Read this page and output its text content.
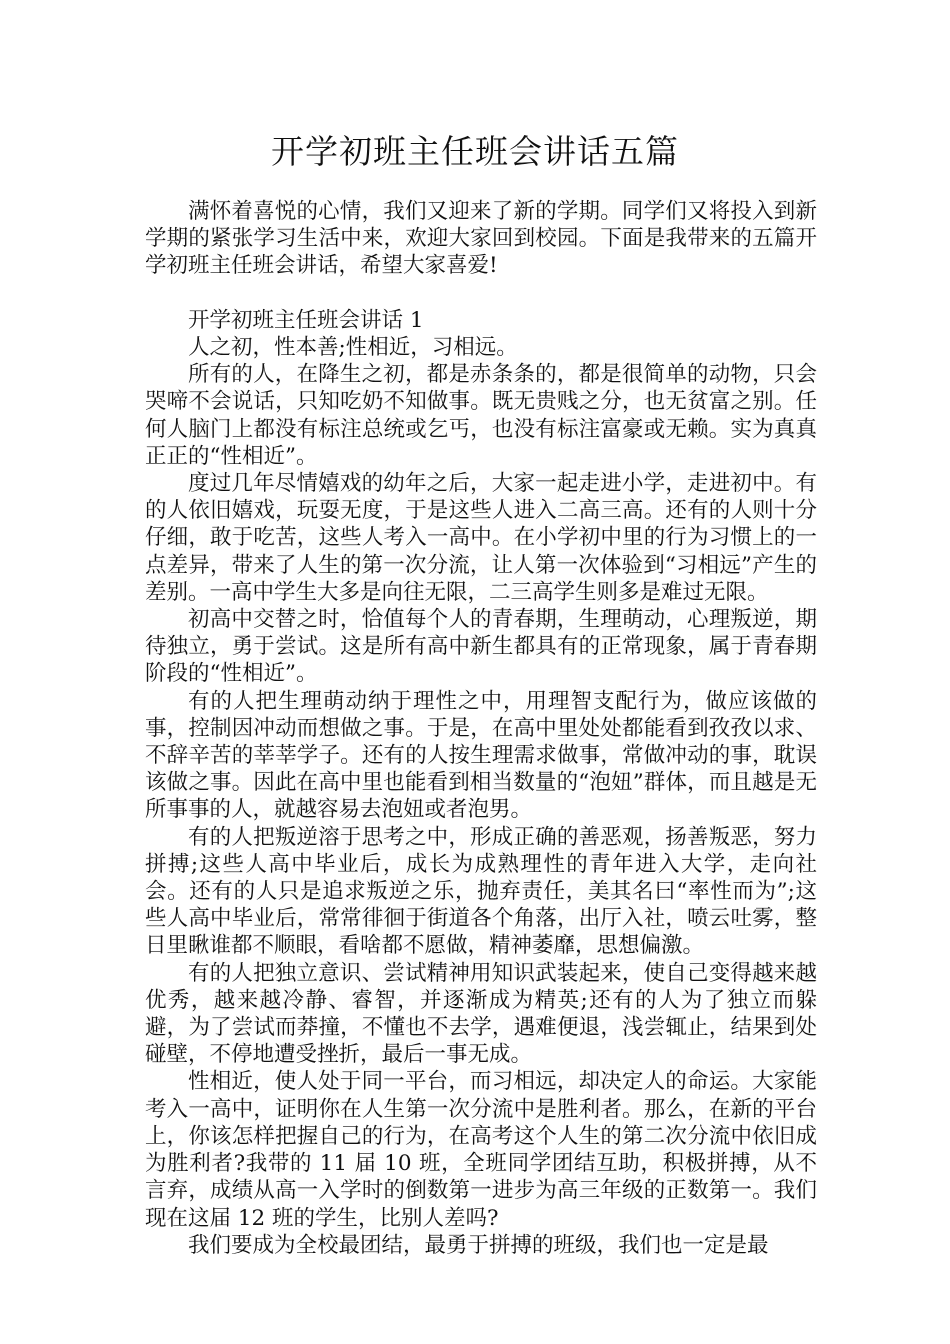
开学初班主任班会讲话五篇

满怀着喜悦的心情，我们又迎来了新的学期。同学们又将投入到新学期的紧张学习生活中来，欢迎大家回到校园。下面是我带来的五篇开学初班主任班会讲话，希望大家喜爱!

开学初班主任班会讲话 1

人之初，性本善;性相近，习相远。

所有的人，在降生之初，都是赤条条的，都是很简单的动物，只会哭啼不会说话，只知吃奶不知做事。既无贵贱之分，也无贫富之别。任何人脑门上都没有标注总统或乞丐，也没有标注富豪或无赖。实为真真正正的“性相近”。

度过几年尽情嬉戏的幼年之后，大家一起走进小学，走进初中。有的人依旧嬉戏，玩耍无度，于是这些人进入二高三高。还有的人则十分仔细，敢于吃苦，这些人考入一高中。在小学初中里的行为习惯上的一点差异，带来了人生的第一次分流，让人第一次体验到“习相远”产生的差别。一高中学生大多是向往无限，二三高学生则多是难过无限。

初高中交替之时，恰值每个人的青春期，生理萌动，心理叛逆，期待独立，勇于尝试。这是所有高中新生都具有的正常现象，属于青春期阶段的“性相近”。

有的人把生理萌动纳于理性之中，用理智支配行为，做应该做的事，控制因冲动而想做之事。于是，在高中里处处都能看到孜孜以求、不辞辛苦的莘莘学子。还有的人按生理需求做事，常做冲动的事，耽误该做之事。因此在高中里也能看到相当数量的“泡妞”群体，而且越是无所事事的人，就越容易去泡妞或者泡男。

有的人把叛逆溶于思考之中，形成正确的善恶观，扬善叛恶，努力拼搏;这些人高中毕业后，成长为成熟理性的青年进入大学，走向社会。还有的人只是追求叛逆之乐，抛弃责任，美其名曰“率性而为”;这些人高中毕业后，常常徘徊于街道各个角落，出厅入社，喷云吐雾，整日里瞅谁都不顺眼，看啥都不愿做，精神萎靡，思想偏激。

有的人把独立意识、尝试精神用知识武装起来，使自己变得越来越优秀，越来越冷静、睿智，并逐渐成为精英;还有的人为了独立而躲避，为了尝试而莽撞，不懂也不去学，遇难便退，浅尝辄止，结果到处碰壁，不停地遭受挫折，最后一事无成。

性相近，使人处于同一平台，而习相远，却决定人的命运。大家能考入一高中，证明你在人生第一次分流中是胜利者。那么，在新的平台上，你该怎样把握自己的行为，在高考这个人生的第二次分流中依旧成为胜利者?我带的 11 届 10 班，全班同学团结互助，积极拼搏，从不言弃，成绩从高一入学时的倒数第一进步为高三年级的正数第一。我们现在这届 12 班的学生，比别人差吗?

我们要成为全校最团结，最勇于拼搏的班级，我们也一定是最
